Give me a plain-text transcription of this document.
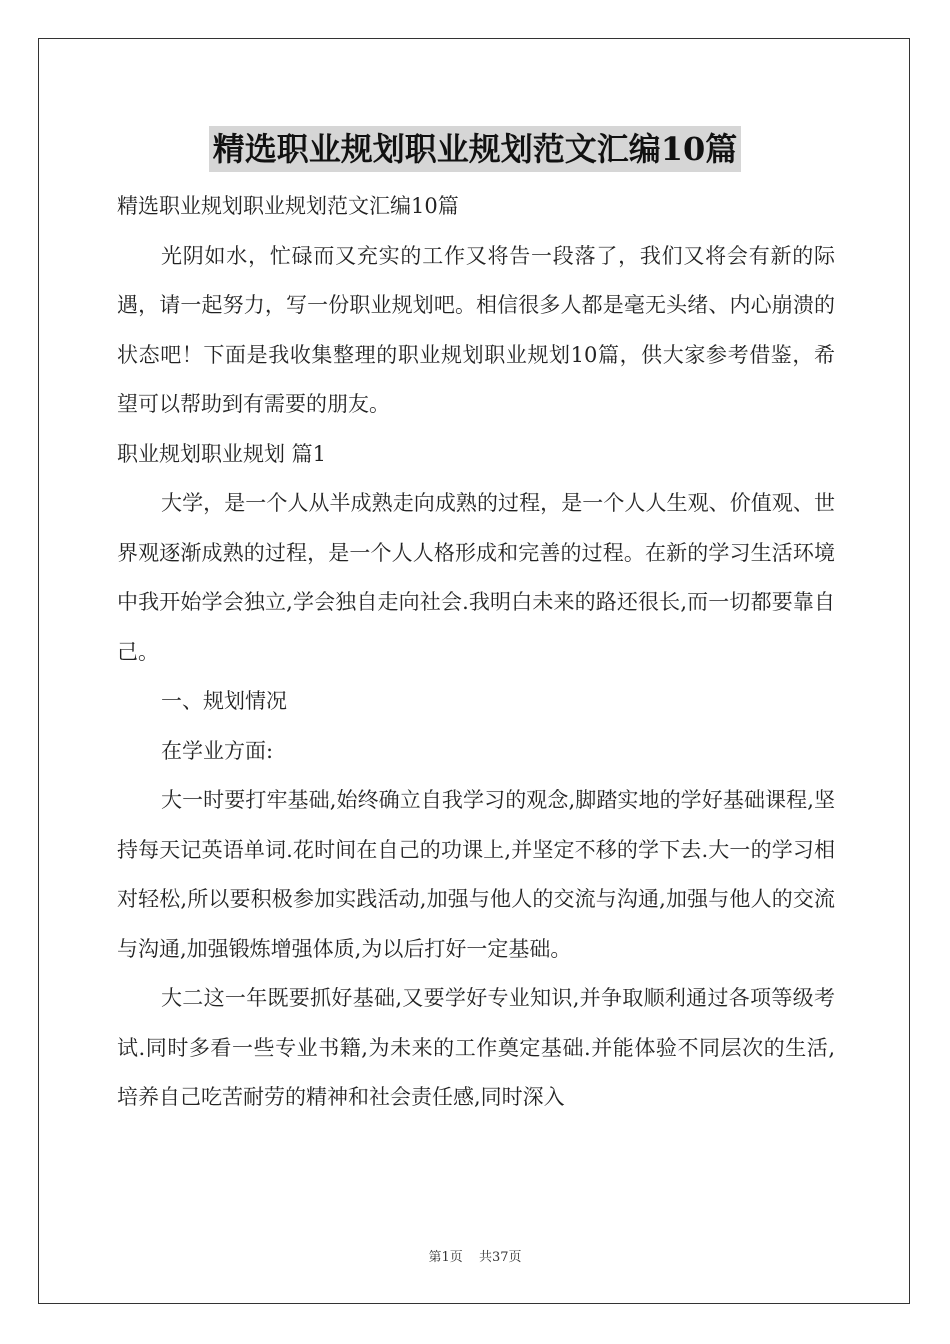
精选职业规划职业规划范文汇编10篇

精选职业规划职业规划范文汇编10篇

光阴如水，忙碌而又充实的工作又将告一段落了，我们又将会有新的际遇，请一起努力，写一份职业规划吧。相信很多人都是毫无头绪、内心崩溃的状态吧！下面是我收集整理的职业规划职业规划10篇，供大家参考借鉴，希望可以帮助到有需要的朋友。

职业规划职业规划 篇1

大学，是一个人从半成熟走向成熟的过程，是一个人人生观、价值观、世界观逐渐成熟的过程，是一个人人格形成和完善的过程。在新的学习生活环境中我开始学会独立,学会独自走向社会.我明白未来的路还很长,而一切都要靠自己。

一、规划情况

在学业方面:

大一时要打牢基础,始终确立自我学习的观念,脚踏实地的学好基础课程,坚持每天记英语单词.花时间在自己的功课上,并坚定不移的学下去.大一的学习相对轻松,所以要积极参加实践活动,加强与他人的交流与沟通,加强与他人的交流与沟通,加强锻炼增强体质,为以后打好一定基础。

大二这一年既要抓好基础,又要学好专业知识,并争取顺利通过各项等级考试.同时多看一些专业书籍,为未来的工作奠定基础.并能体验不同层次的生活,培养自己吃苦耐劳的精神和社会责任感,同时深入

第1页 共37页
